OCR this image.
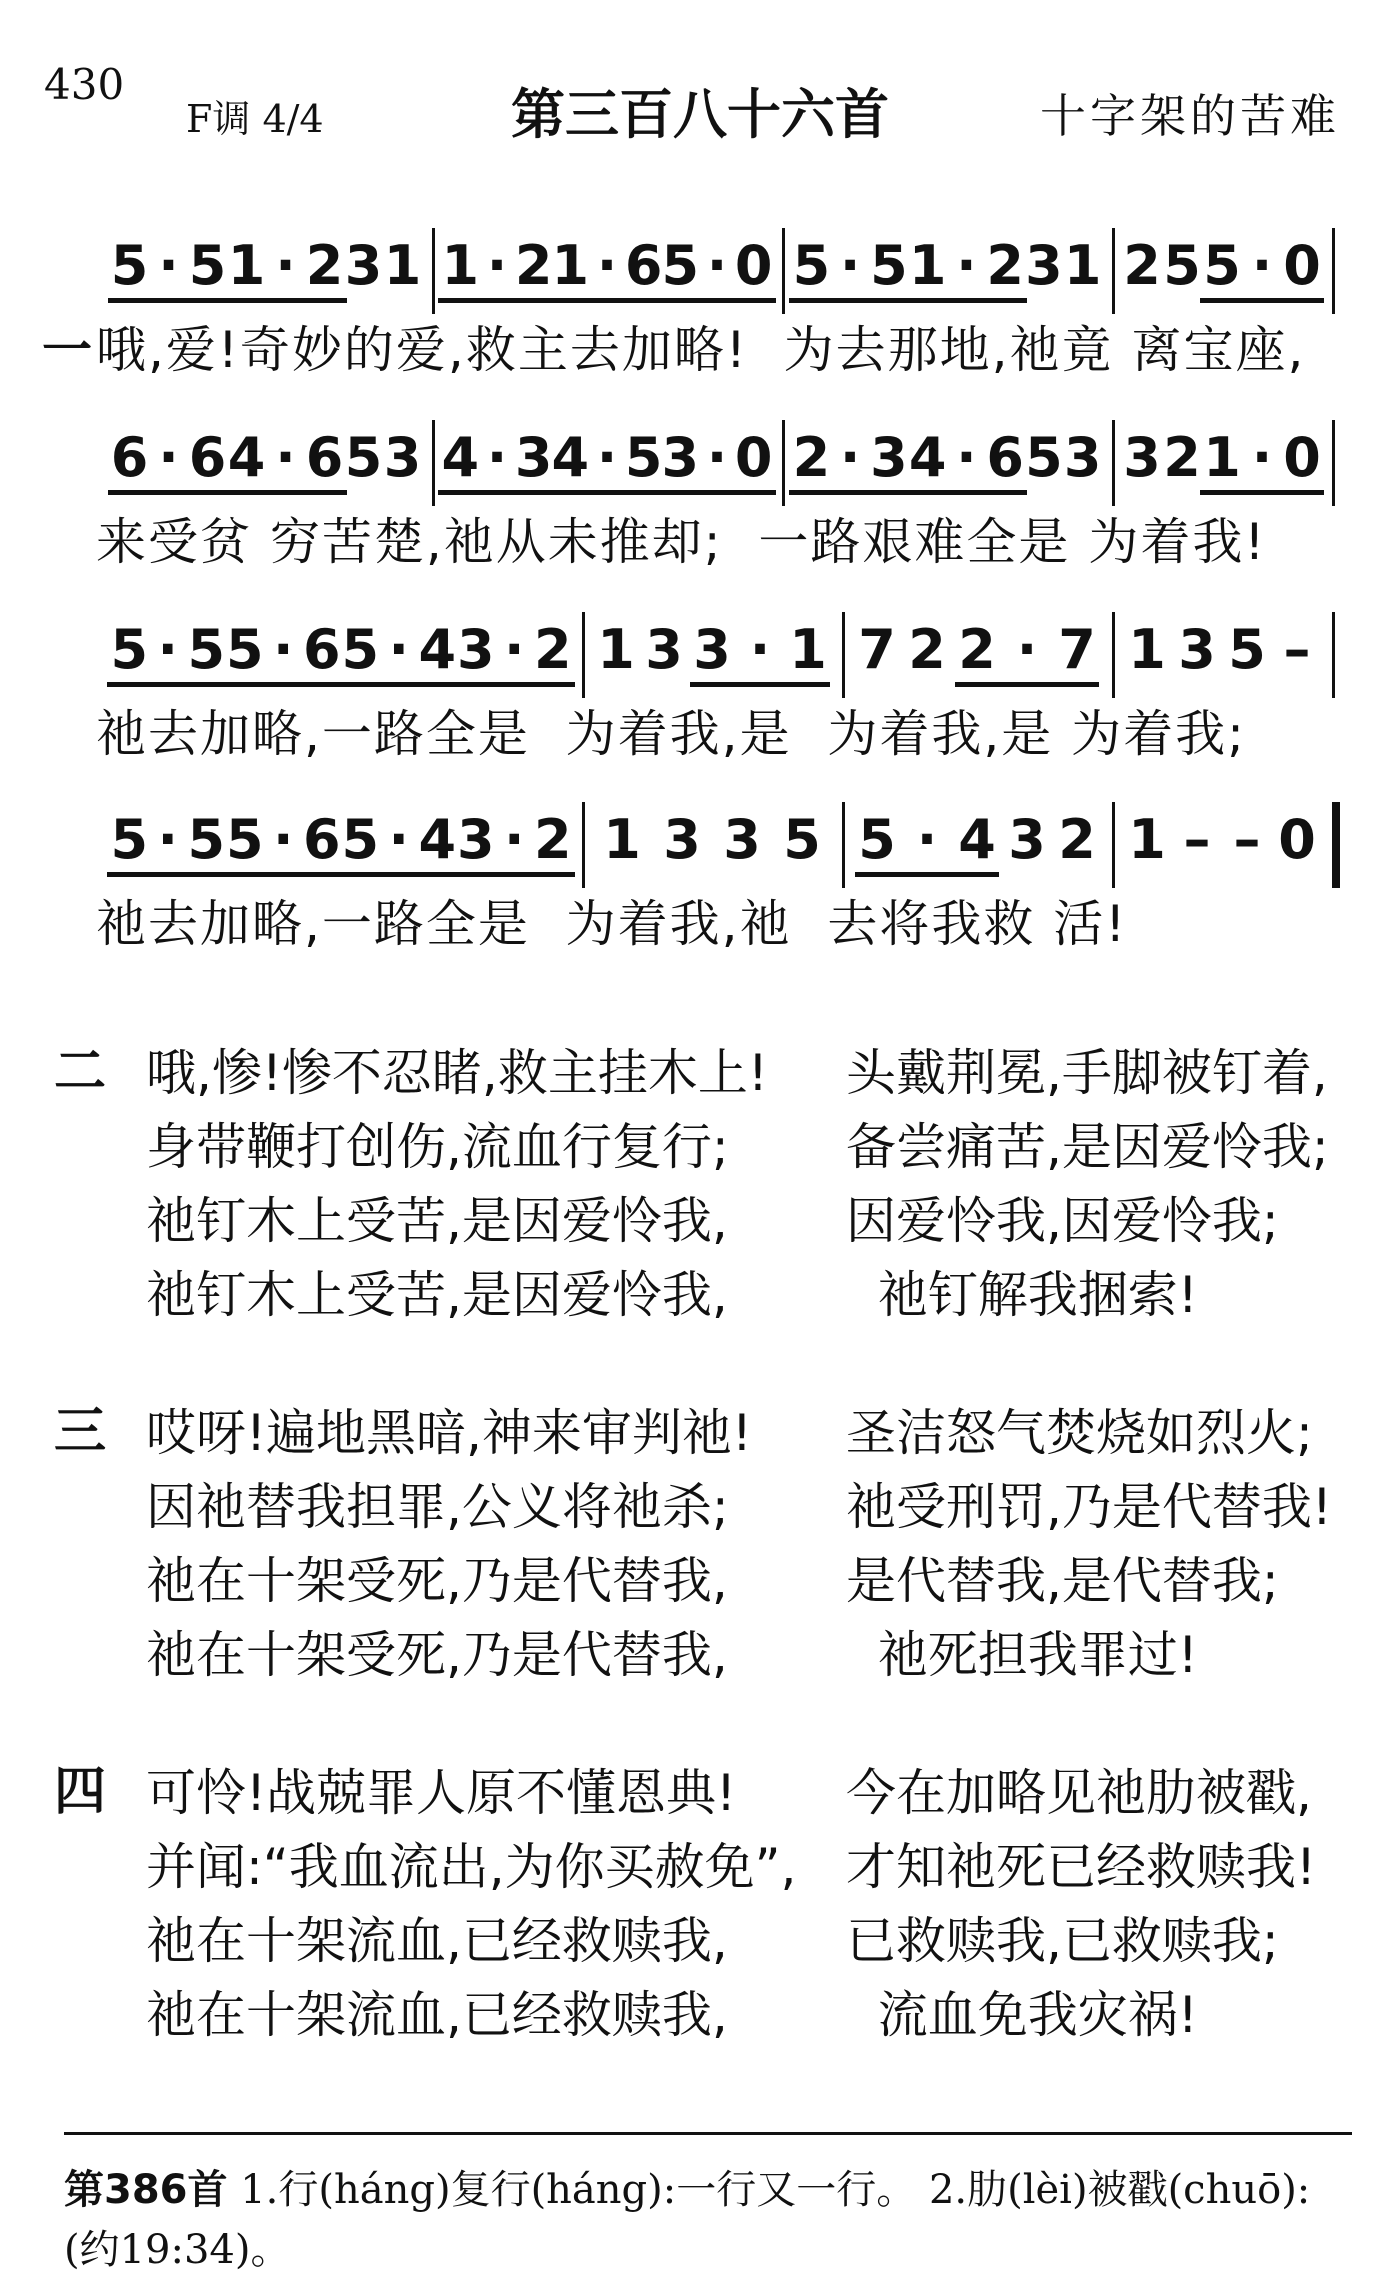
430
F调 4/4	第三百八十六首	十字架的苦难
5 · 5 1 · 2 3 1 1 · 2 1 · 6 5 · 0 5 · 5 1 · 2 3 1 2 5 5 · 0
一 哦,爱!奇妙的爱,救主去加略!  为去那地,祂竟 离宝座,
6 · 6 4 · 6 5 3 4 · 3 4 · 5 3 · 0 2 · 3 4 · 6 5 3 3 2 1 · 0
来受贫 穷苦楚,祂从未推却;  一路艰难全是 为着我!
5 · 5 5 · 6 5 · 4 3 · 2 1 3 3 · 1 7 2 2 · 7 1 3 5 –
祂去加略,一路全是  为着我,是  为着我,是 为着我;
5 · 5 5 · 6 5 · 4 3 · 2 1 3 3 5 5 · 4 3 2 1 – – 0
祂去加略,一路全是  为着我,祂  去将我救 活!
二 哦,惨!惨不忍睹,救主挂木上!
身带鞭打创伤,流血行复行;
祂钉木上受苦,是因爱怜我,
祂钉木上受苦,是因爱怜我,
头戴荆冕,手脚被钉着,
备尝痛苦,是因爱怜我;
因爱怜我,因爱怜我;
祂钉解我捆索!
三 哎呀!遍地黑暗,神来审判祂!
因祂替我担罪,公义将祂杀;
祂在十架受死,乃是代替我,
祂在十架受死,乃是代替我,
圣洁怒气焚烧如烈火;
祂受刑罚,乃是代替我!
是代替我,是代替我;
祂死担我罪过!
四 可怜!战兢罪人原不懂恩典!
并闻:“我血流出,为你买赦免”,
祂在十架流血,已经救赎我,
祂在十架流血,已经救赎我,
今在加略见祂肋被戳,
才知祂死已经救赎我!
已救赎我,已救赎我;
流血免我灾祸!
第386首 1.行(háng)复行(háng):一行又一行。 2.肋(lèi)被戳(chuō):(约19:34)。
